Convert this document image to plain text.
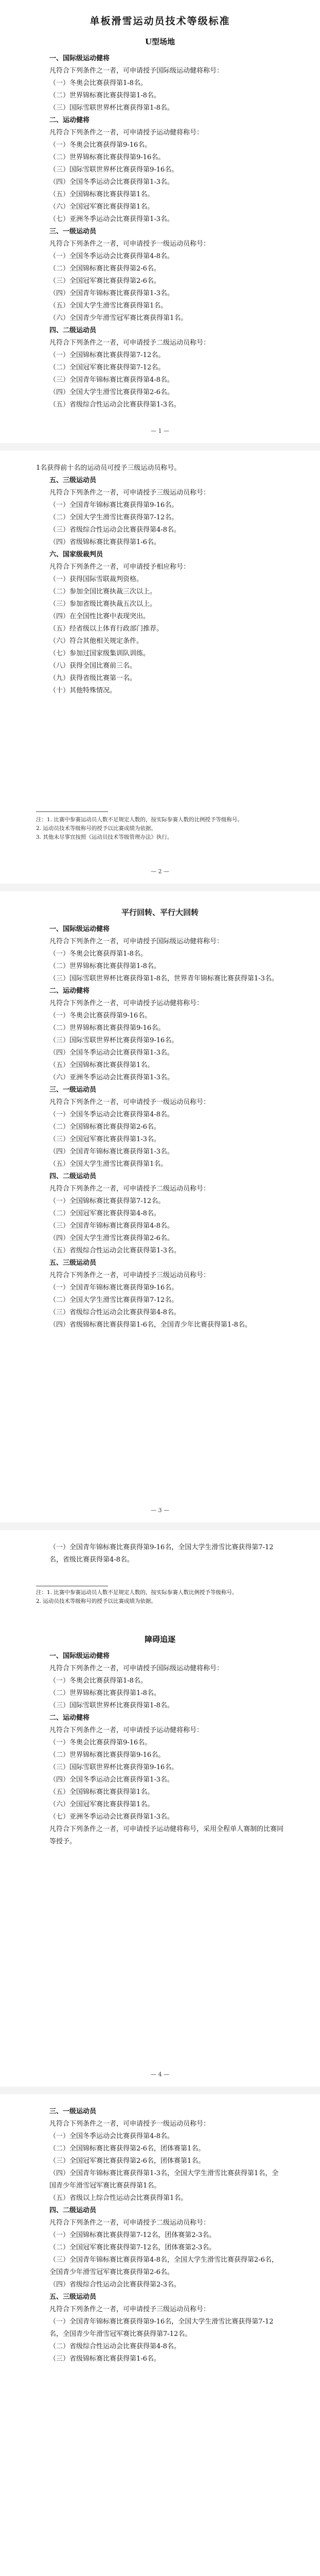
单板滑雪运动员技术等级标准
U型场地
一、国际级运动健将
凡符合下列条件之一者，可申请授予国际级运动健将称号：
（一）冬奥会比赛获得第1-8名。
（二）世界锦标赛比赛获得第1-8名。
（三）国际雪联世界杯比赛获得第1-8名。
二、运动健将
凡符合下列条件之一者，可申请授予运动健将称号：
（一）冬奥会比赛获得第9-16名。
（二）世界锦标赛比赛获得第9-16名。
（三）国际雪联世界杯比赛获得第9-16名。
（四）全国冬季运动会比赛获得第1-3名。
（五）全国锦标赛比赛获得第1名。
（六）全国冠军赛比赛获得第1名。
（七）亚洲冬季运动会比赛获得第1-3名。
三、一级运动员
凡符合下列条件之一者，可申请授予一级运动员称号：
（一）全国冬季运动会比赛获得第4-8名。
（二）全国锦标赛比赛获得第2-6名。
（三）全国冠军赛比赛获得第2-6名。
（四）全国青年锦标赛比赛获得第1-3名。
（五）全国大学生滑雪比赛获得第1名。
（六）全国青少年滑雪冠军赛比赛获得第1名。
四、二级运动员
凡符合下列条件之一者，可申请授予二级运动员称号：
（一）全国锦标赛比赛获得第7-12名。
（二）全国冠军赛比赛获得第7-12名。
（三）全国青年锦标赛比赛获得第4-8名。
（四）全国大学生滑雪比赛获得第2-6名。
（五）省级综合性运动会比赛获得第1-3名。
— 1 —
1名获得前十名的运动员可授予三级运动员称号。
五、三级运动员
凡符合下列条件之一者，可申请授予三级运动员称号：
（一）全国青年锦标赛比赛获得第9-16名。
（二）全国大学生滑雪比赛获得第7-12名。
（三）省级综合性运动会比赛获得第4-8名。
（四）省级锦标赛比赛获得第1-6名。
六、国家级裁判员
凡符合下列条件之一者，可申请授予相应称号：
（一）获得国际雪联裁判资格。
（二）参加全国比赛执裁三次以上。
（三）参加省级比赛执裁五次以上。
（四）在全国性比赛中表现突出。
（五）经省级以上体育行政部门推荐。
（六）符合其他相关规定条件。
（七）参加过国家级集训队训练。
（八）获得全国比赛前三名。
（九）获得省级比赛第一名。
（十）其他特殊情况。
注：1. 比赛中参赛运动员人数不足规定人数的，按实际参赛人数的比例授予等级称号。
2. 运动员技术等级称号的授予以比赛成绩为依据。
3. 其他未尽事宜按照《运动员技术等级管理办法》执行。
— 2 —
平行回转、平行大回转
一、国际级运动健将
凡符合下列条件之一者，可申请授予国际级运动健将称号：
（一）冬奥会比赛获得第1-8名。
（二）世界锦标赛比赛获得第1-8名。
（三）国际雪联世界杯比赛获得第1-8名，世界青年锦标赛比赛获得第1-3名。
二、运动健将
凡符合下列条件之一者，可申请授予运动健将称号：
（一）冬奥会比赛获得第9-16名。
（二）世界锦标赛比赛获得第9-16名。
（三）国际雪联世界杯比赛获得第9-16名。
（四）全国冬季运动会比赛获得第1-3名。
（五）全国锦标赛比赛获得第1名。
（六）亚洲冬季运动会比赛获得第1-3名。
三、一级运动员
凡符合下列条件之一者，可申请授予一级运动员称号：
（一）全国冬季运动会比赛获得第4-8名。
（二）全国锦标赛比赛获得第2-6名。
（三）全国冠军赛比赛获得第1-3名。
（四）全国青年锦标赛比赛获得第1-3名。
（五）全国大学生滑雪比赛获得第1名。
四、二级运动员
凡符合下列条件之一者，可申请授予二级运动员称号：
（一）全国锦标赛比赛获得第7-12名。
（二）全国冠军赛比赛获得第4-8名。
（三）全国青年锦标赛比赛获得第4-8名。
（四）全国大学生滑雪比赛获得第2-6名。
（五）省级综合性运动会比赛获得第1-3名。
五、三级运动员
凡符合下列条件之一者，可申请授予三级运动员称号：
（一）全国青年锦标赛比赛获得第9-16名。
（二）全国大学生滑雪比赛获得第7-12名。
（三）省级综合性运动会比赛获得第4-8名。
（四）省级锦标赛比赛获得第1-6名，全国青少年比赛获得第1-8名。
— 3 —
（一）全国青年锦标赛比赛获得第9-16名，全国大学生滑雪比赛获得第7-12名，省级比赛获得第4-8名。
注：1. 比赛中参赛运动员人数不足规定人数的，按实际参赛人数比例授予等级称号。
2. 运动员技术等级称号的授予以比赛成绩为依据。
障碍追逐
一、国际级运动健将
凡符合下列条件之一者，可申请授予国际级运动健将称号：
（一）冬奥会比赛获得第1-8名。
（二）世界锦标赛比赛获得第1-8名。
（三）国际雪联世界杯比赛获得第1-8名。
二、运动健将
凡符合下列条件之一者，可申请授予运动健将称号：
（一）冬奥会比赛获得第9-16名。
（二）世界锦标赛比赛获得第9-16名。
（三）国际雪联世界杯比赛获得第9-16名。
（四）全国冬季运动会比赛获得第1-3名。
（五）全国锦标赛比赛获得第1名。
（六）全国冠军赛比赛获得第1名。
（七）亚洲冬季运动会比赛获得第1-3名。
凡符合下列条件之一者，可申请授予运动健将称号，采用全程单人赛制的比赛同等授予。
— 4 —
三、一级运动员
凡符合下列条件之一者，可申请授予一级运动员称号：
（一）全国冬季运动会比赛获得第4-8名。
（二）全国锦标赛比赛获得第2-6名，团体赛第1名。
（三）全国冠军赛比赛获得第2-6名，团体赛第1名。
（四）全国青年锦标赛比赛获得第1-3名，全国大学生滑雪比赛获得第1名，全国青少年滑雪冠军赛比赛获得第1名。
（五）省级以上综合性运动会比赛获得第1名。
四、二级运动员
凡符合下列条件之一者，可申请授予二级运动员称号：
（一）全国锦标赛比赛获得第7-12名，团体赛第2-3名。
（二）全国冠军赛比赛获得第7-12名，团体赛第2-3名。
（三）全国青年锦标赛比赛获得第4-8名，全国大学生滑雪比赛获得第2-6名，全国青少年滑雪冠军赛比赛获得第2-6名。
（四）省级综合性运动会比赛获得第2-3名。
五、三级运动员
凡符合下列条件之一者，可申请授予三级运动员称号：
（一）全国青年锦标赛比赛获得第9-16名，全国大学生滑雪比赛获得第7-12名，全国青少年滑雪冠军赛比赛获得第7-12名。
（二）省级综合性运动会比赛获得第4-8名。
（三）省级锦标赛比赛获得第1-6名。
